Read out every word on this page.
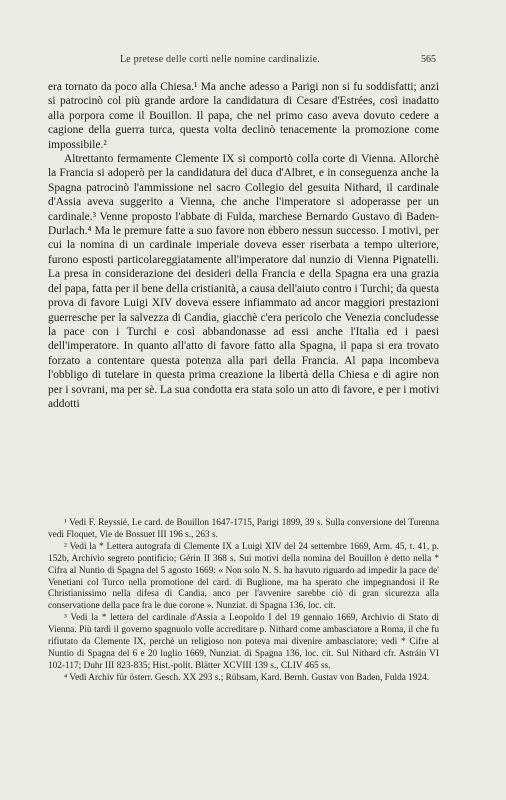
Le pretese delle corti nelle nomine cardinalizie.	565

era tornato da poco alla Chiesa.¹ Ma anche adesso a Parigi non si fu soddisfatti; anzi si patrocinò col più grande ardore la candidatura di Cesare d'Estrées, così inadatto alla porpora come il Bouillon. Il papa, che nel primo caso aveva dovuto cedere a cagione della guerra turca, questa volta declinò tenacemente la promozione come impossibile.²

Altrettanto fermamente Clemente IX si comportò colla corte di Vienna. Allorchè la Francia si adoperò per la candidatura del duca d'Albret, e in conseguenza anche la Spagna patrocinò l'ammissione nel sacro Collegio del gesuita Nithard, il cardinale d'Assia aveva suggerito a Vienna, che anche l'imperatore si adoperasse per un cardinale.³ Venne proposto l'abbate di Fulda, marchese Bernardo Gustavo di Baden-Durlach.⁴ Ma le premure fatte a suo favore non ebbero nessun successo. I motivi, per cui la nomina di un cardinale imperiale doveva esser riserbata a tempo ulteriore, furono esposti particolareggiatamente all'imperatore dal nunzio di Vienna Pignatelli. La presa in considerazione dei desideri della Francia e della Spagna era una grazia del papa, fatta per il bene della cristianità, a causa dell'aiuto contro i Turchi; da questa prova di favore Luigi XIV doveva essere infiammato ad ancor maggiori prestazioni guerresche per la salvezza di Candia, giacchè c'era pericolo che Venezia concludesse la pace con i Turchi e così abbandonasse ad essi anche l'Italia ed i paesi dell'imperatore. In quanto all'atto di favore fatto alla Spagna, il papa si era trovato forzato a contentare questa potenza alla pari della Francia. Al papa incombeva l'obbligo di tutelare in questa prima creazione la libertà della Chiesa e di agire non per i sovrani, ma per sè. La sua condotta era stata solo un atto di favore, e per i motivi addotti

¹ Vedi F. Reyssié, Le card. de Bouillon 1647-1715, Parigi 1899, 39 s. Sulla conversione del Turenna vedi Floquet, Vie de Bossuet III 196 s., 263 s.

² Vedi la * Lettera autografa di Clemente IX a Luigi XIV del 24 settembre 1669, Arm. 45, t. 41, p. 152b, Archivio segreto pontificio; Gérin II 368 s. Sui motivi della nomina del Bouillon è detto nella * Cifra al Nuntio di Spagna del 5 agosto 1669: « Non solo N. S. ha havuto riguardo ad impedir la pace de' Venetiani col Turco nella promotione del card. di Buglione, ma ha sperato che impegnandosi il Re Christianissimo nella difesa di Candia, anco per l'avvenire sarebbe ciò di gran sicurezza alla conservatione della pace fra le due corone ». Nunziat. di Spagna 136, loc. cit.

³ Vedi la * lettera del cardinale d'Assia a Leopoldo I del 19 gennaio 1669, Archivio di Stato di Vienna. Più tardi il governo spagnuolo volle accreditare p. Nithard come ambasciatore a Roma, il che fu rifiutato da Clemente IX, perchè un religioso non poteva mai divenire ambasciatore; vedi * Cifre al Nuntio di Spagna del 6 e 20 luglio 1669, Nunziat. di Spagna 136, loc. cit. Sul Nithard cfr. Astráin VI 102-117; Duhr III 823-835; Hist.-polit. Blätter XCVIII 139 s., CLIV 465 ss.

⁴ Vedi Archiv für österr. Gesch. XX 293 s.; Rübsam, Kard. Bernh. Gustav von Baden, Fulda 1924.
